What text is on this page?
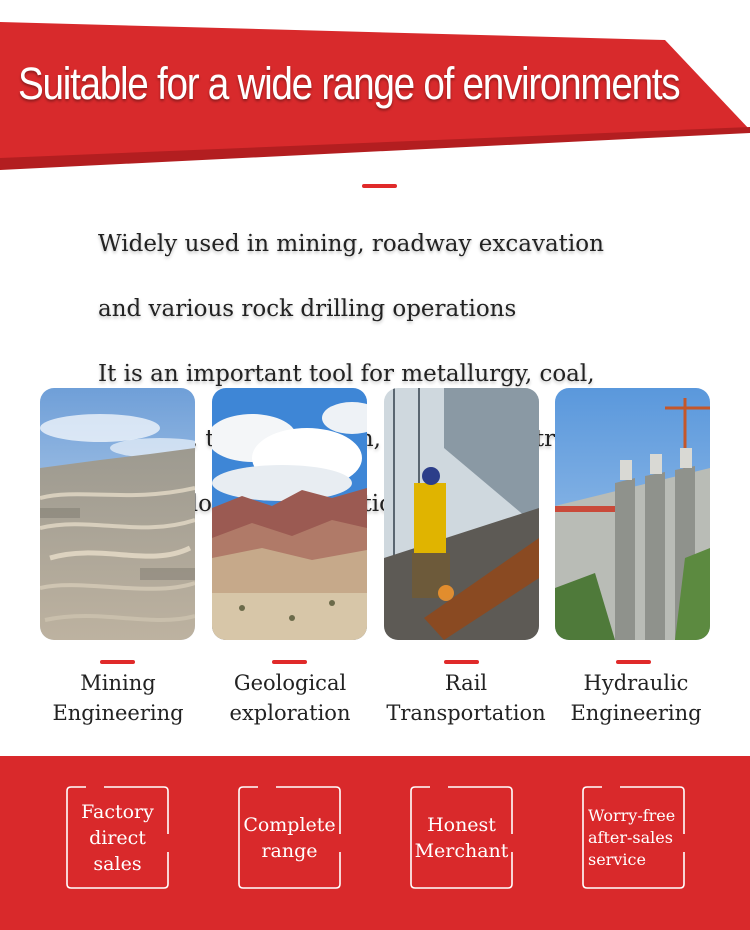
Suitable for a wide range of environments

Widely used in mining, roadway excavation

and various rock drilling operations

It is an important tool for metallurgy, coal,

infrastructure

geological

Mining
Engineering
Geological
exploration
Rail
Transportation
Hydraulic
Engineering
Factory
direct
sales
Complete
range
Honest
Merchant
Worry-free
after-sales
service
